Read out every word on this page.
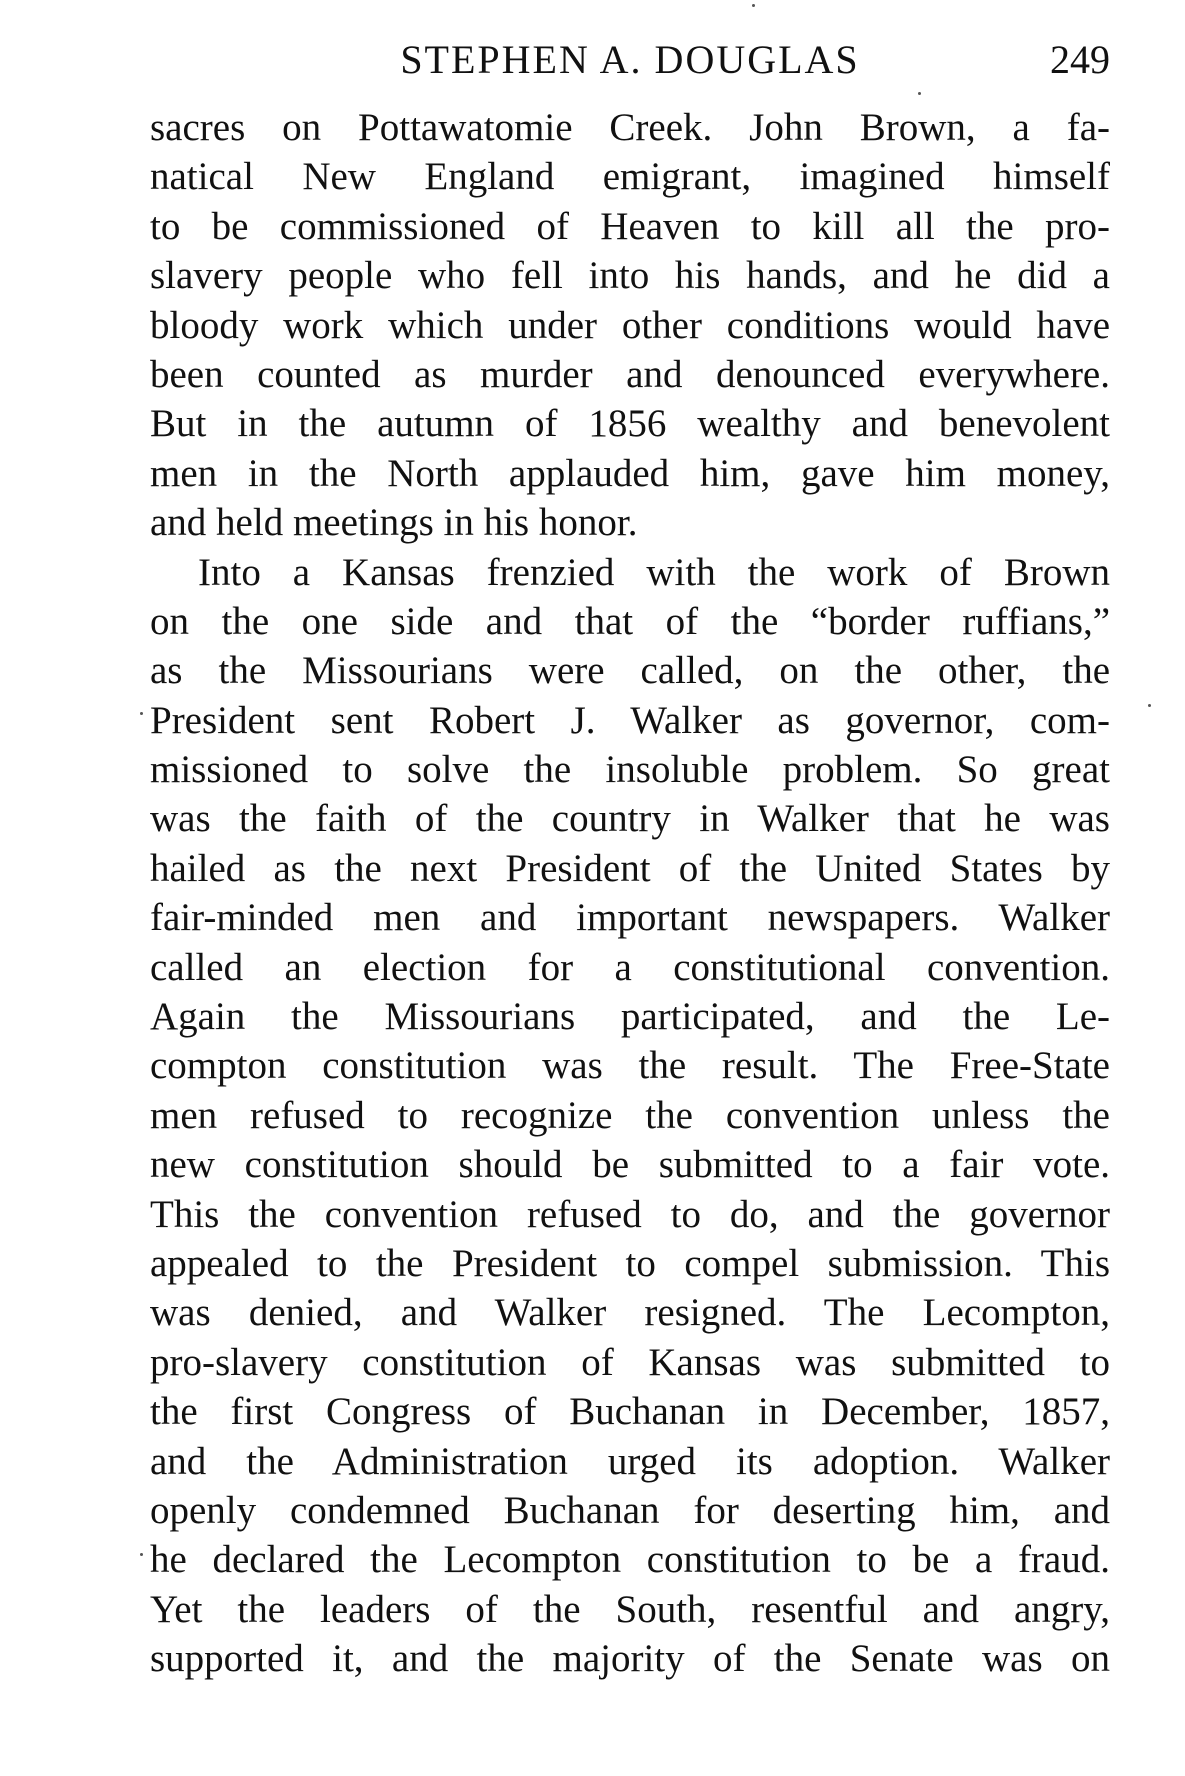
STEPHEN A. DOUGLAS	249
sacres on Pottawatomie Creek. John Brown, a fa-
natical New England emigrant, imagined himself
to be commissioned of Heaven to kill all the pro-
slavery people who fell into his hands, and he did a
bloody work which under other conditions would have
been counted as murder and denounced everywhere.
But in the autumn of 1856 wealthy and benevolent
men in the North applauded him, gave him money,
and held meetings in his honor.
Into a Kansas frenzied with the work of Brown
on the one side and that of the “border ruffians,”
as the Missourians were called, on the other, the
President sent Robert J. Walker as governor, com-
missioned to solve the insoluble problem. So great
was the faith of the country in Walker that he was
hailed as the next President of the United States by
fair-minded men and important newspapers. Walker
called an election for a constitutional convention.
Again the Missourians participated, and the Le-
compton constitution was the result. The Free-State
men refused to recognize the convention unless the
new constitution should be submitted to a fair vote.
This the convention refused to do, and the governor
appealed to the President to compel submission. This
was denied, and Walker resigned. The Lecompton,
pro-slavery constitution of Kansas was submitted to
the first Congress of Buchanan in December, 1857,
and the Administration urged its adoption. Walker
openly condemned Buchanan for deserting him, and
he declared the Lecompton constitution to be a fraud.
Yet the leaders of the South, resentful and angry,
supported it, and the majority of the Senate was on
